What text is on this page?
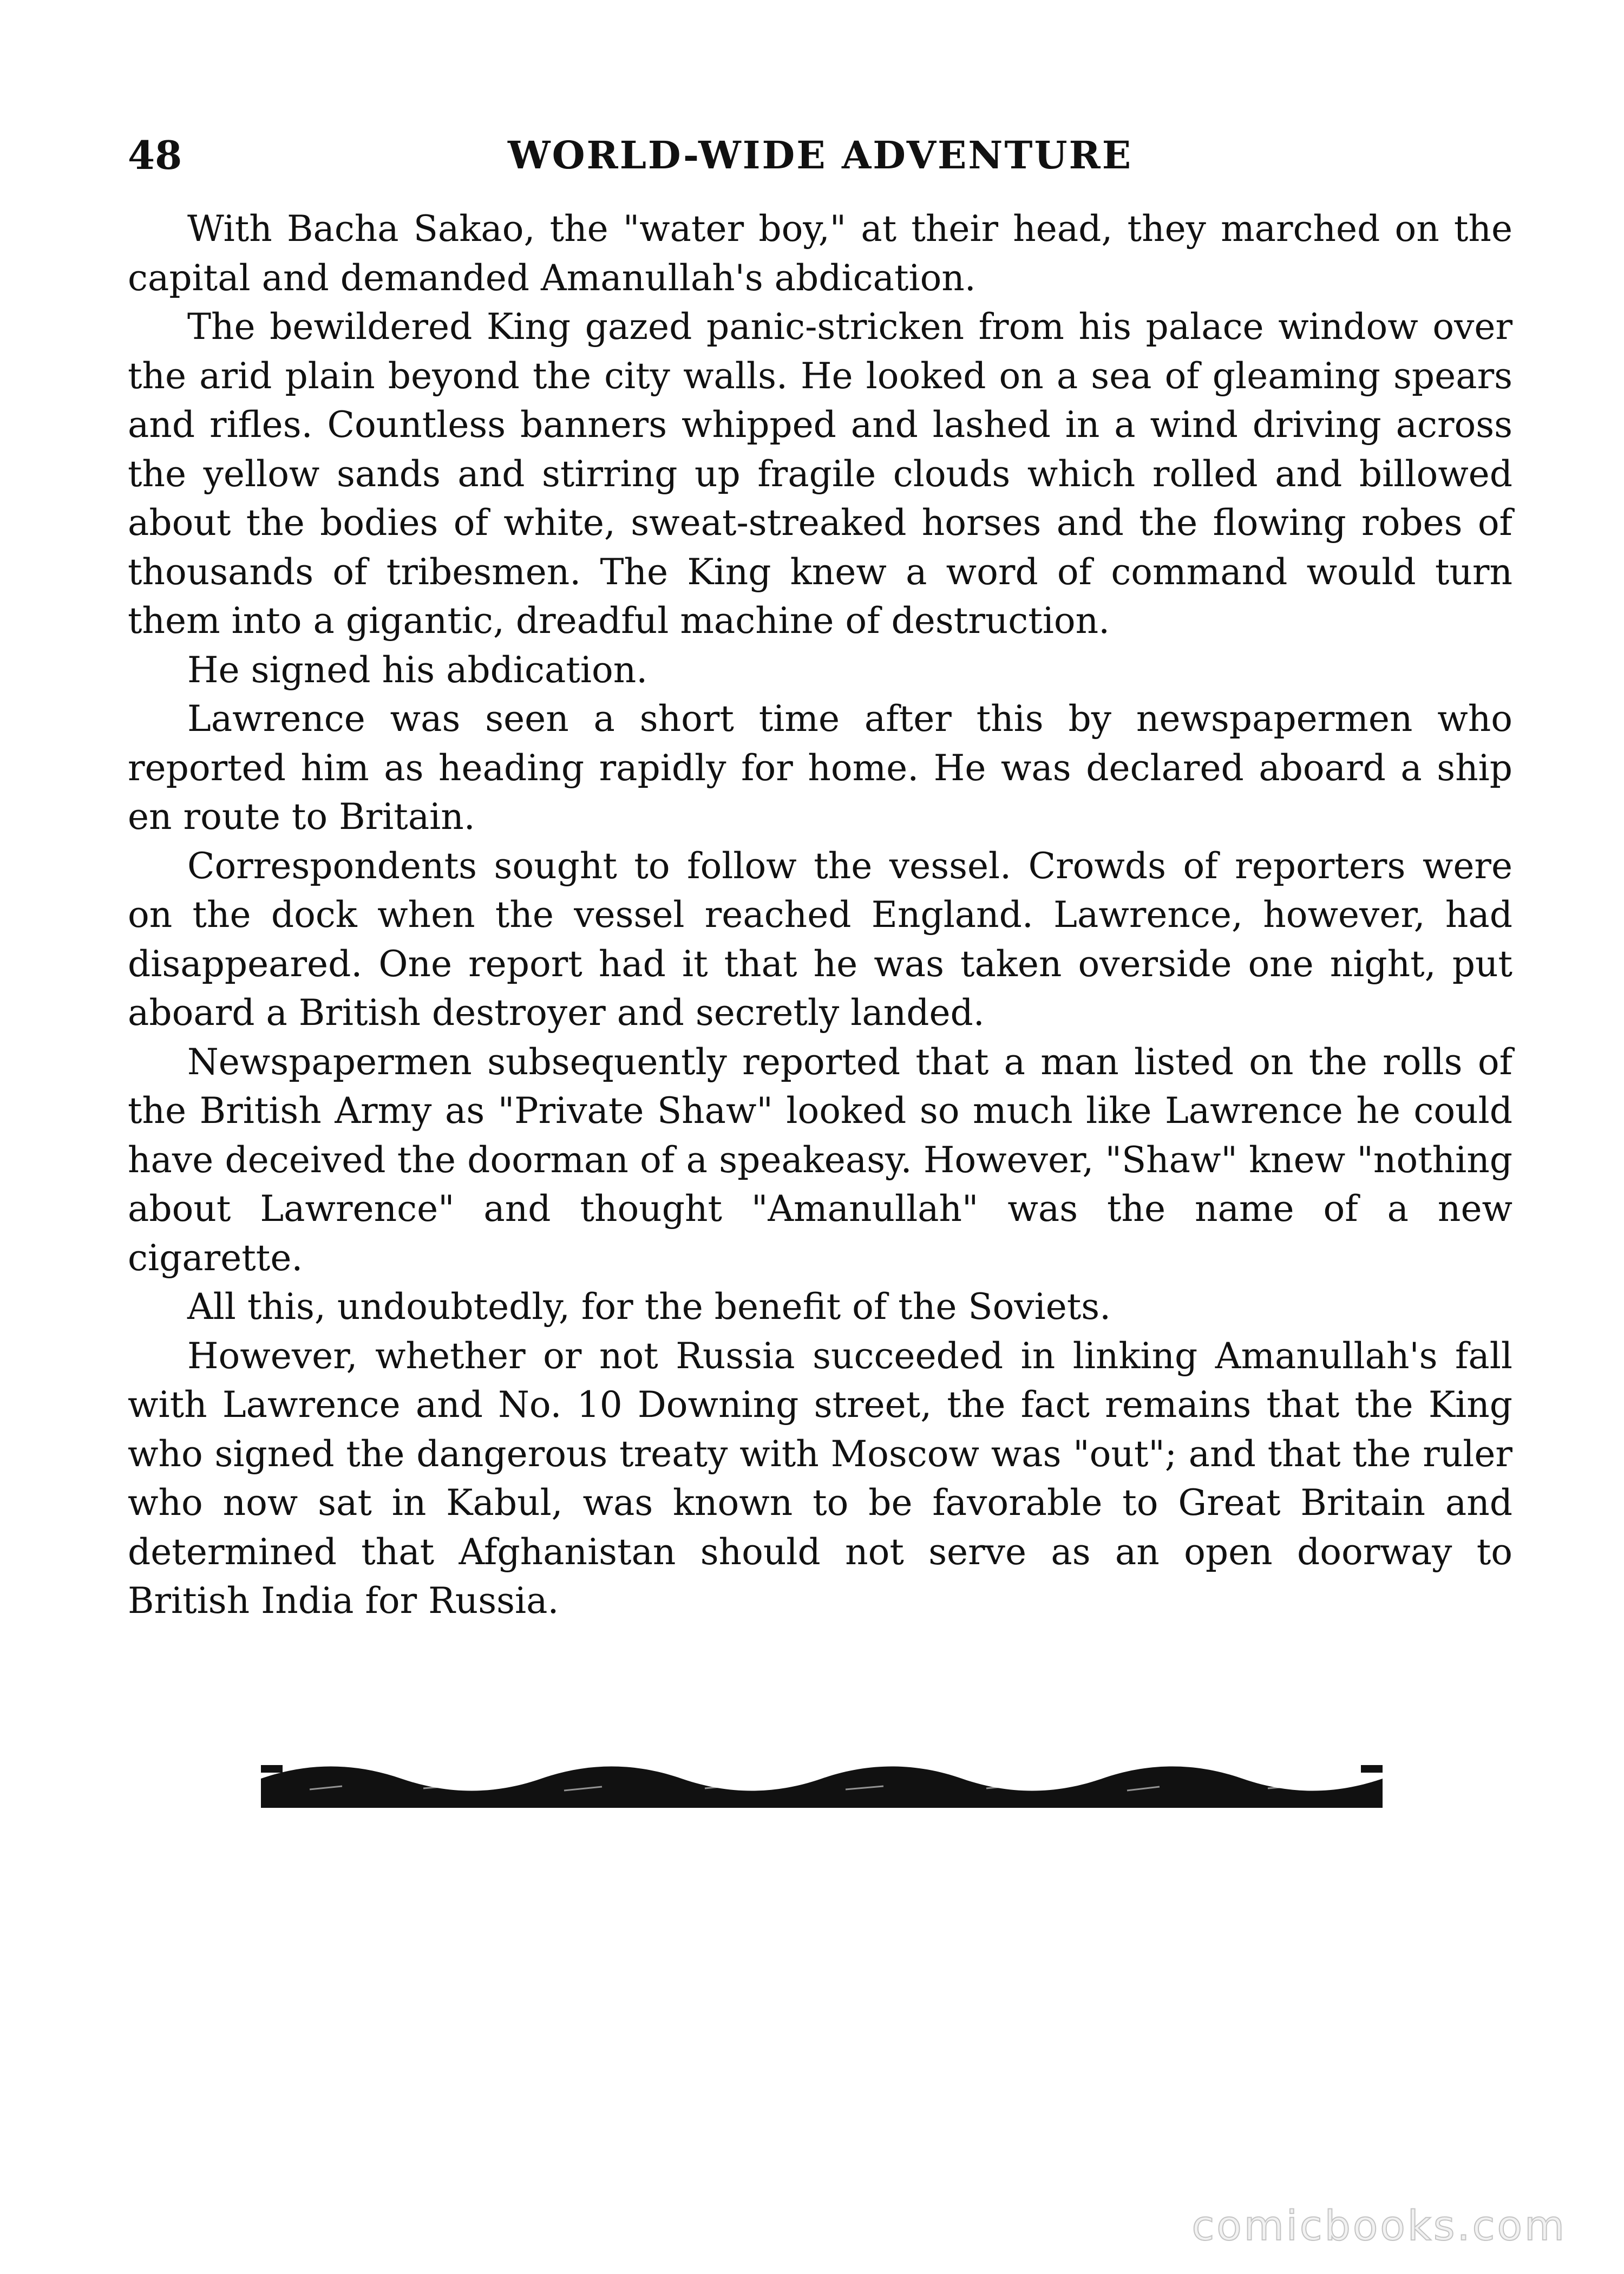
48	WORLD-WIDE ADVENTURE

With Bacha Sakao, the "water boy," at their head, they marched on the capital and demanded Amanullah's abdication.

The bewildered King gazed panic-stricken from his palace window over the arid plain beyond the city walls. He looked on a sea of gleaming spears and rifles. Countless banners whipped and lashed in a wind driving across the yellow sands and stirring up fragile clouds which rolled and billowed about the bodies of white, sweat-streaked horses and the flowing robes of thousands of tribesmen. The King knew a word of command would turn them into a gigantic, dreadful machine of destruction.

He signed his abdication.

Lawrence was seen a short time after this by newspapermen who reported him as heading rapidly for home. He was declared aboard a ship en route to Britain.

Correspondents sought to follow the vessel. Crowds of reporters were on the dock when the vessel reached England. Lawrence, however, had disappeared. One report had it that he was taken overside one night, put aboard a British destroyer and secretly landed.

Newspapermen subsequently reported that a man listed on the rolls of the British Army as "Private Shaw" looked so much like Lawrence he could have deceived the doorman of a speakeasy. However, "Shaw" knew "nothing about Lawrence" and thought "Amanullah" was the name of a new cigarette.

All this, undoubtedly, for the benefit of the Soviets.

However, whether or not Russia succeeded in linking Amanullah's fall with Lawrence and No. 10 Downing street, the fact remains that the King who signed the dangerous treaty with Moscow was "out"; and that the ruler who now sat in Kabul, was known to be favorable to Great Britain and determined that Afghanistan should not serve as an open doorway to British India for Russia.

comicbooks.com
